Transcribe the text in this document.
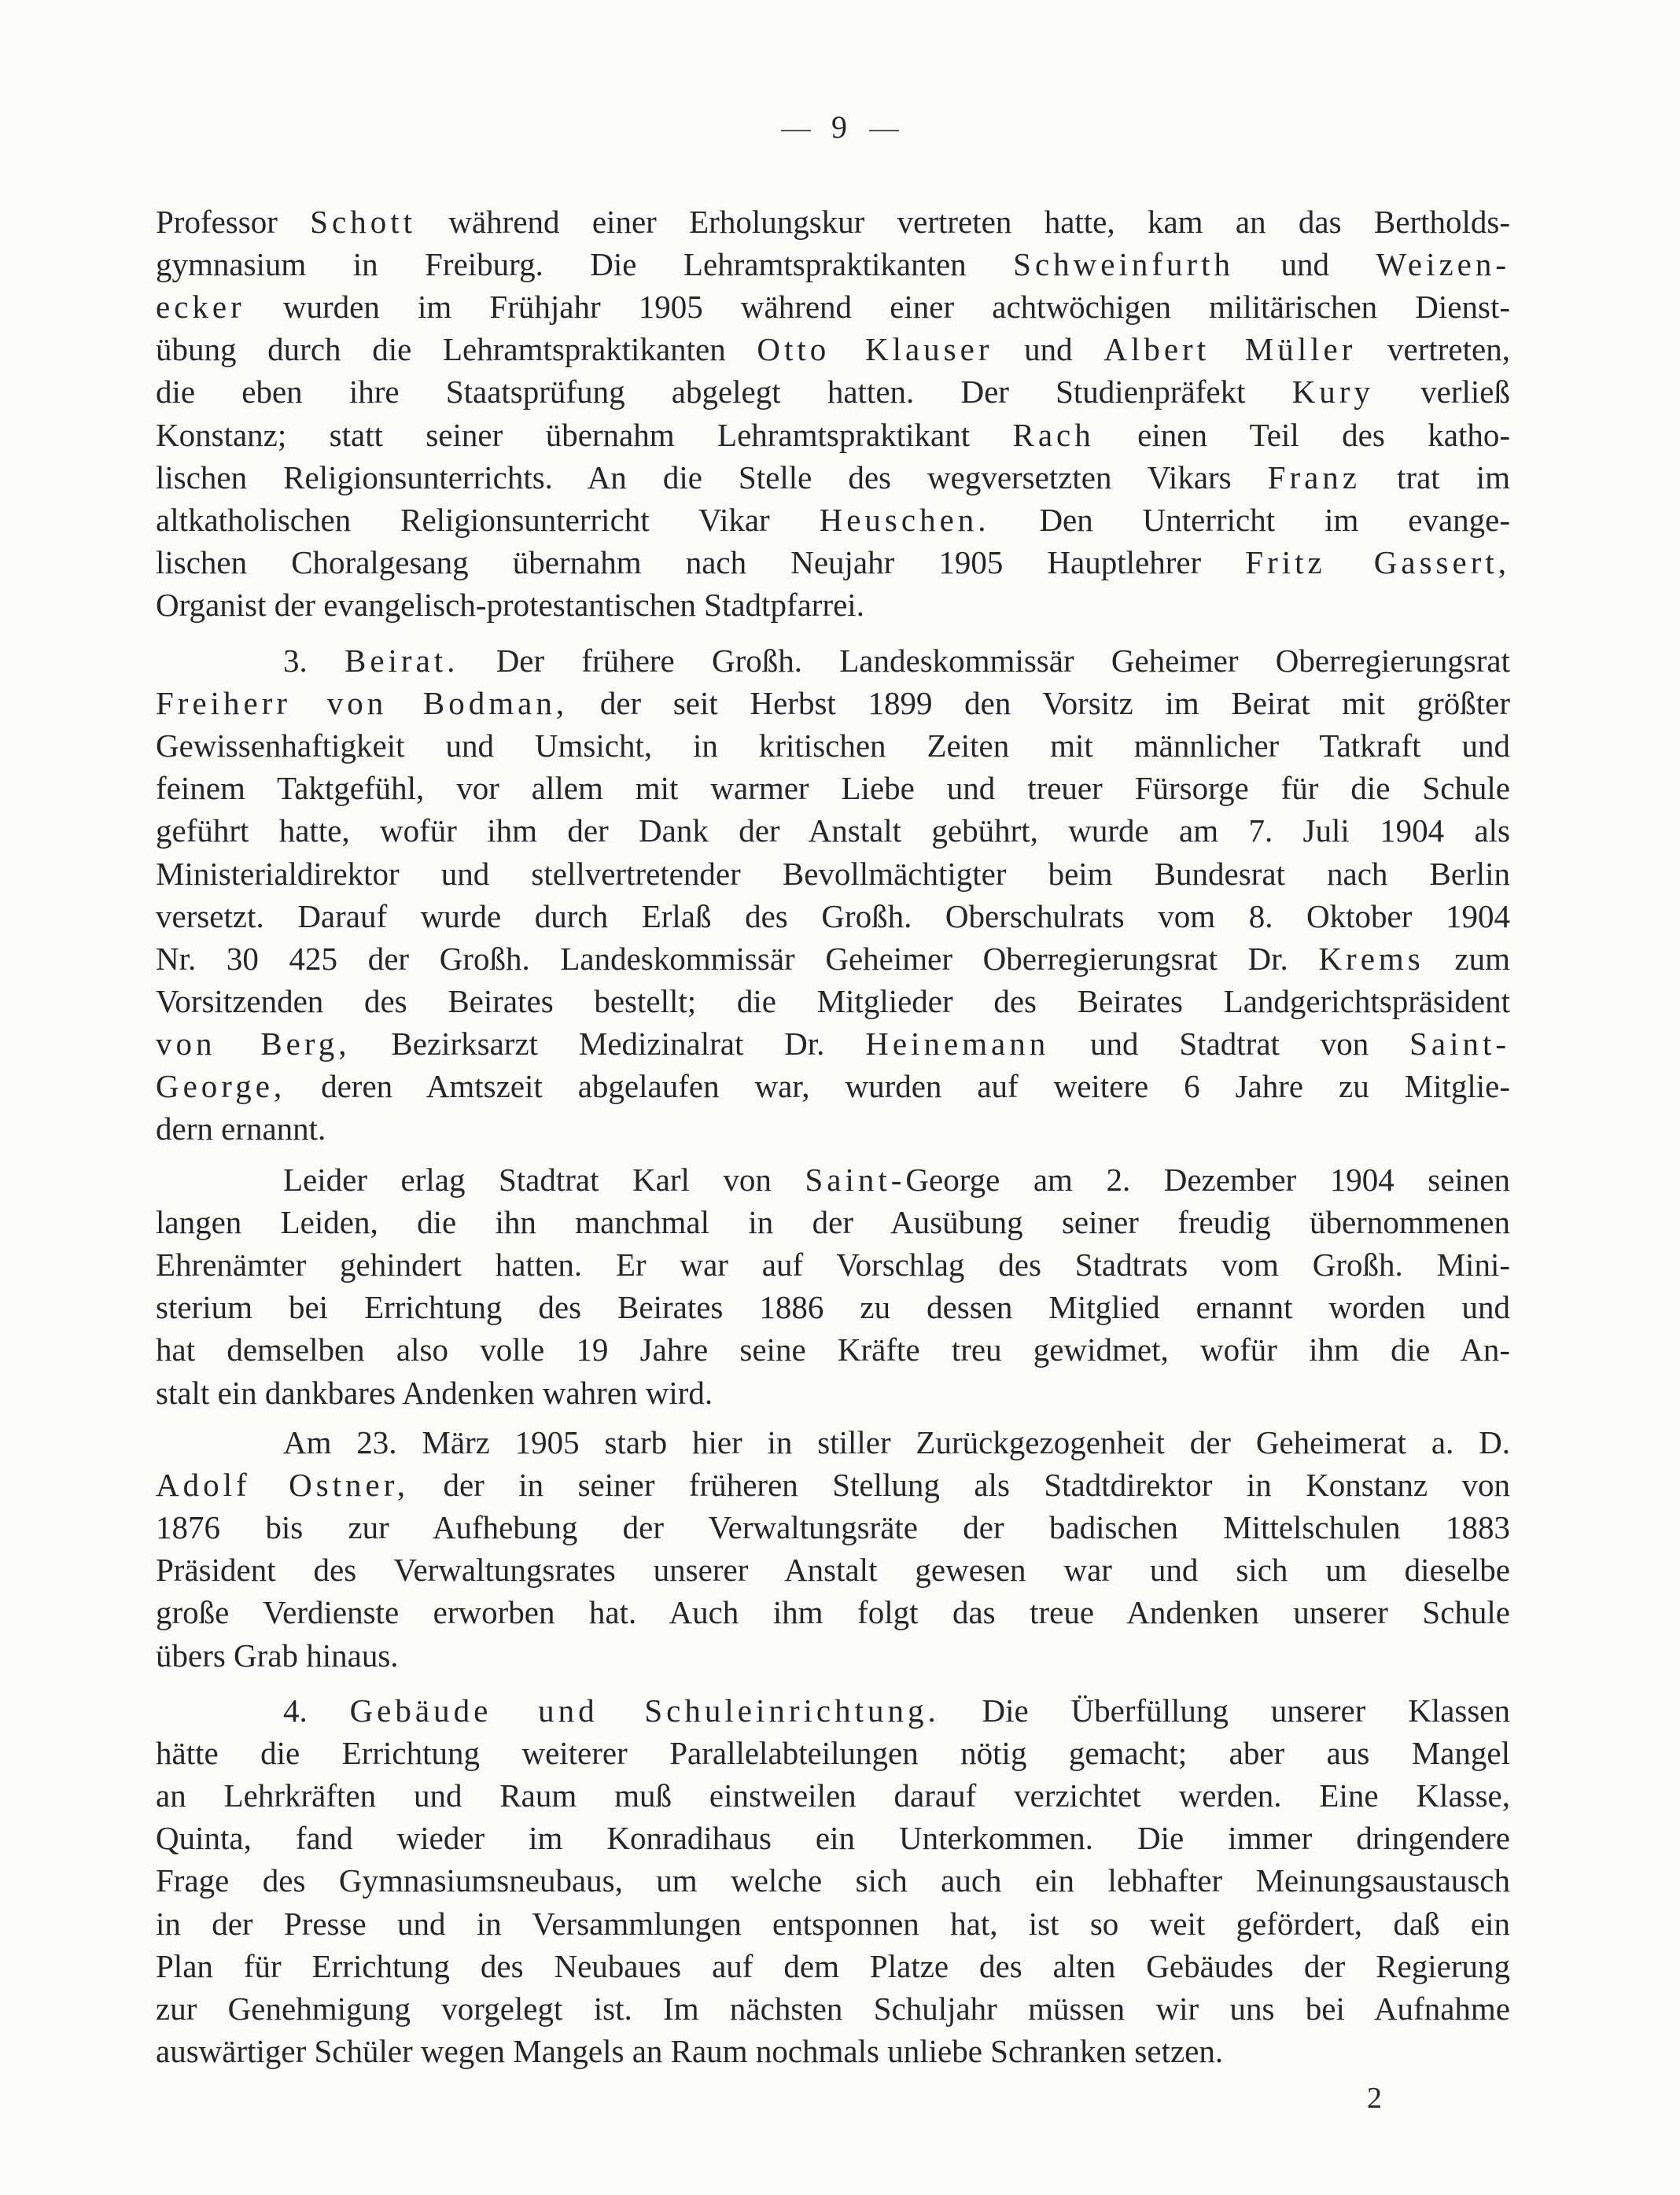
9
Professor Schott während einer Erholungskur vertreten hatte, kam an das Bertholds-
gymnasium in Freiburg. Die Lehramtspraktikanten Schweinfurth und Weizen-
ecker wurden im Frühjahr 1905 während einer achtwöchigen militärischen Dienst-
übung durch die Lehramtspraktikanten Otto Klauser und Albert Müller vertreten,
die eben ihre Staatsprüfung abgelegt hatten. Der Studienpräfekt Kury verließ
Konstanz; statt seiner übernahm Lehramtspraktikant Rach einen Teil des katho-
lischen Religionsunterrichts. An die Stelle des wegversetzten Vikars Franz trat im
altkatholischen Religionsunterricht Vikar Heuschen. Den Unterricht im evange-
lischen Choralgesang übernahm nach Neujahr 1905 Hauptlehrer Fritz Gassert,
Organist der evangelisch-protestantischen Stadtpfarrei.
3. Beirat. Der frühere Großh. Landeskommissär Geheimer Oberregierungsrat
Freiherr von Bodman, der seit Herbst 1899 den Vorsitz im Beirat mit größter
Gewissenhaftigkeit und Umsicht, in kritischen Zeiten mit männlicher Tatkraft und
feinem Taktgefühl, vor allem mit warmer Liebe und treuer Fürsorge für die Schule
geführt hatte, wofür ihm der Dank der Anstalt gebührt, wurde am 7. Juli 1904 als
Ministerialdirektor und stellvertretender Bevollmächtigter beim Bundesrat nach Berlin
versetzt. Darauf wurde durch Erlaß des Großh. Oberschulrats vom 8. Oktober 1904
Nr. 30 425 der Großh. Landeskommissär Geheimer Oberregierungsrat Dr. Krems zum
Vorsitzenden des Beirates bestellt; die Mitglieder des Beirates Landgerichtspräsident
von Berg, Bezirksarzt Medizinalrat Dr. Heinemann und Stadtrat von Saint-
George, deren Amtszeit abgelaufen war, wurden auf weitere 6 Jahre zu Mitglie-
dern ernannt.
Leider erlag Stadtrat Karl von Saint-George am 2. Dezember 1904 seinen
langen Leiden, die ihn manchmal in der Ausübung seiner freudig übernommenen
Ehrenämter gehindert hatten. Er war auf Vorschlag des Stadtrats vom Großh. Mini-
sterium bei Errichtung des Beirates 1886 zu dessen Mitglied ernannt worden und
hat demselben also volle 19 Jahre seine Kräfte treu gewidmet, wofür ihm die An-
stalt ein dankbares Andenken wahren wird.
Am 23. März 1905 starb hier in stiller Zurückgezogenheit der Geheimerat a. D.
Adolf Ostner, der in seiner früheren Stellung als Stadtdirektor in Konstanz von
1876 bis zur Aufhebung der Verwaltungsräte der badischen Mittelschulen 1883
Präsident des Verwaltungsrates unserer Anstalt gewesen war und sich um dieselbe
große Verdienste erworben hat. Auch ihm folgt das treue Andenken unserer Schule
übers Grab hinaus.
4. Gebäude und Schuleinrichtung. Die Überfüllung unserer Klassen
hätte die Errichtung weiterer Parallelabteilungen nötig gemacht; aber aus Mangel
an Lehrkräften und Raum muß einstweilen darauf verzichtet werden. Eine Klasse,
Quinta, fand wieder im Konradihaus ein Unterkommen. Die immer dringendere
Frage des Gymnasiumsneubaus, um welche sich auch ein lebhafter Meinungsaustausch
in der Presse und in Versammlungen entsponnen hat, ist so weit gefördert, daß ein
Plan für Errichtung des Neubaues auf dem Platze des alten Gebäudes der Regierung
zur Genehmigung vorgelegt ist. Im nächsten Schuljahr müssen wir uns bei Aufnahme
auswärtiger Schüler wegen Mangels an Raum nochmals unliebe Schranken setzen.
2
